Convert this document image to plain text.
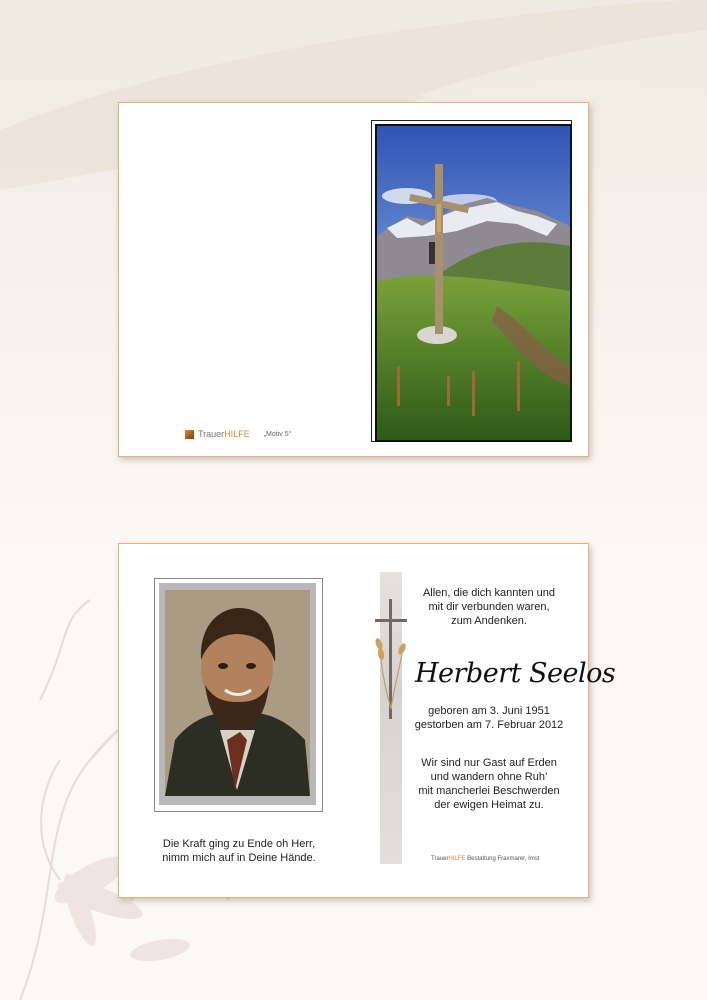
TrauerHILFE „Motiv 5“
Die Kraft ging zu Ende oh Herr,
nimm mich auf in Deine Hände.
Allen, die dich kannten und
mit dir verbunden waren,
zum Andenken.
Herbert Seelos
geboren am 3. Juni 1951
gestorben am 7. Februar 2012
Wir sind nur Gast auf Erden
und wandern ohne Ruh’
mit mancherlei Beschwerden
der ewigen Heimat zu.
TrauerHILFE Bestattung Fraxmarer, Imst
